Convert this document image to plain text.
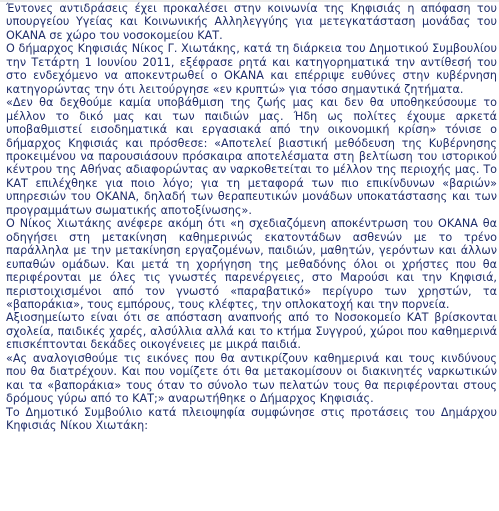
Έντονες αντιδράσεις έχει προκαλέσει στην κοινωνία της Κηφισιάς η απόφαση του υπουργείου Υγείας και Κοινωνικής Αλληλεγγύης για μετεγκατάσταση μονάδας του ΟΚΑΝΑ σε χώρο του νοσοκομείου ΚΑΤ.

Ο δήμαρχος Κηφισιάς Νίκος Γ. Χιωτάκης, κατά τη διάρκεια του Δημοτικού Συμβουλίου την Τετάρτη 1 Ιουνίου 2011, εξέφρασε ρητά και κατηγορηματικά την αντίθεσή του στο ενδεχόμενο να αποκεντρωθεί ο ΟΚΑΝΑ και επέρριψε ευθύνες στην κυβέρνηση κατηγορώντας την ότι λειτούργησε «εν κρυπτώ» για τόσο σημαντικά ζητήματα.

«Δεν θα δεχθούμε καμία υποβάθμιση της ζωής μας και δεν θα υποθηκεύσουμε το μέλλον το δικό μας και των παιδιών μας. Ήδη ως πολίτες έχουμε αρκετά υποβαθμιστεί εισοδηματικά και εργασιακά από την οικονομική κρίση» τόνισε ο δήμαρχος Κηφισιάς και πρόσθεσε: «Αποτελεί βιαστική μεθόδευση της Κυβέρνησης προκειμένου να παρουσιάσουν πρόσκαιρα αποτελέσματα στη βελτίωση του ιστορικού κέντρου της Αθήνας αδιαφορώντας αν ναρκοθετείται το μέλλον της περιοχής μας. Το ΚΑΤ επιλέχθηκε για ποιο λόγο; για τη μεταφορά των πιο επικίνδυνων «βαριών» υπηρεσιών του ΟΚΑΝΑ, δηλαδή των θεραπευτικών μονάδων υποκατάστασης και των προγραμμάτων σωματικής αποτοξίνωσης».

Ο Νίκος Χιωτάκης ανέφερε ακόμη ότι «η σχεδιαζόμενη αποκέντρωση του ΟΚΑΝΑ θα οδηγήσει στη μετακίνηση καθημερινώς εκατοντάδων ασθενών με το τρένο παράλληλα με την μετακίνηση εργαζομένων, παιδιών, μαθητών, γερόντων και άλλων ευπαθών ομάδων. Και μετά τη χορήγηση της μεθαδόνης όλοι οι χρήστες που θα περιφέρονται με όλες τις γνωστές παρενέργειες, στο Μαρούσι και την Κηφισιά, περιστοιχισμένοι από τον γνωστό «παραβατικό» περίγυρο των χρηστών, τα «βαποράκια», τους εμπόρους, τους κλέφτες, την οπλοκατοχή και την πορνεία.

Αξιοσημείωτο είναι ότι σε απόσταση αναπνοής από το Νοσοκομείο ΚΑΤ βρίσκονται σχολεία, παιδικές χαρές, αλσύλλια αλλά και το κτήμα Συγγρού, χώροι που καθημερινά επισκέπτονται δεκάδες οικογένειες με μικρά παιδιά.

«Ας αναλογισθούμε τις εικόνες που θα αντικρίζουν καθημερινά και τους κινδύνους που θα διατρέχουν. Και που νομίζετε ότι θα μετακομίσουν οι διακινητές ναρκωτικών και τα «βαποράκια» τους όταν το σύνολο των πελατών τους θα περιφέρονται στους δρόμους γύρω από το ΚΑΤ;» αναρωτήθηκε ο Δήμαρχος Κηφισιάς.

Το Δημοτικό Συμβούλιο κατά πλειοψηφία συμφώνησε στις προτάσεις του Δημάρχου Κηφισιάς Νίκου Χιωτάκη:
